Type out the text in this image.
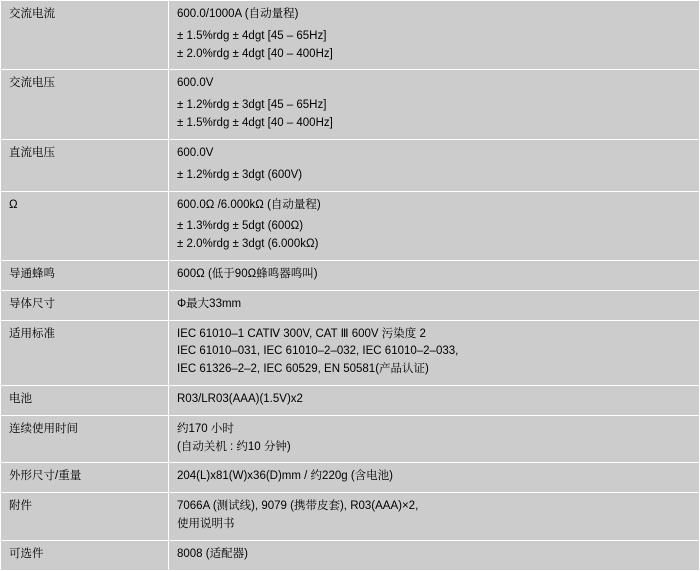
交流电流	600.0/1000A (自动量程)
± 1.5%rdg ± 4dgt [45 – 65Hz]
± 2.0%rdg ± 4dgt [40 – 400Hz]

交流电压	600.0V
± 1.2%rdg ± 3dgt [45 – 65Hz]
± 1.5%rdg ± 4dgt [40 – 400Hz]

直流电压	600.0V
± 1.2%rdg ± 3dgt (600V)

Ω	600.0Ω /6.000kΩ (自动量程)
± 1.3%rdg ± 5dgt (600Ω)
± 2.0%rdg ± 3dgt (6.000kΩ)

导通蜂鸣	600Ω (低于90Ω蜂鸣器鸣叫)

导体尺寸	Φ最大33mm

适用标准	IEC 61010–1 CATⅣ 300V, CAT Ⅲ 600V 污染度 2
IEC 61010–031, IEC 61010–2–032, IEC 61010–2–033,
IEC 61326–2–2, IEC 60529, EN 50581(产品认证)

电池	R03/LR03(AAA)(1.5V)x2

连续使用时间	约170 小时
(自动关机 : 约10 分钟)

外形尺寸/重量	204(L)x81(W)x36(D)mm / 约220g (含电池)

附件	7066A (测试线), 9079 (携带皮套), R03(AAA)×2,
使用说明书

可选件	8008 (适配器)
